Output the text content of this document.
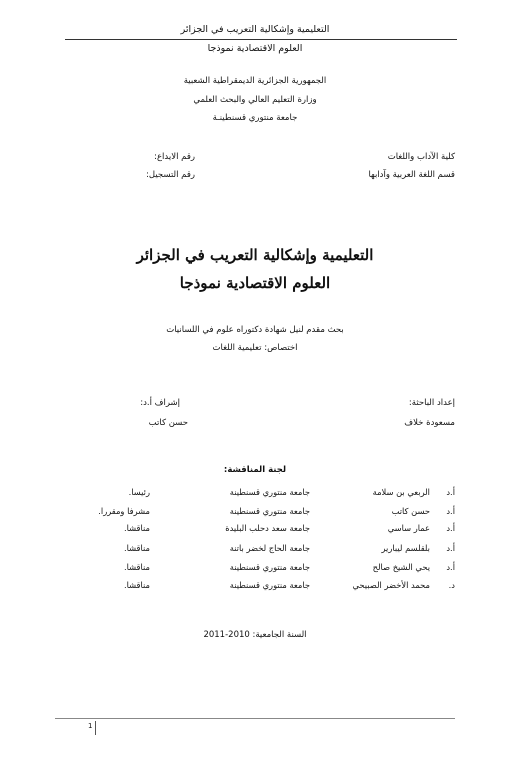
التعليمية وإشكالية التعريب في الجزائر
العلوم الاقتصادية نموذجا
الجمهورية الجزائرية الديمقراطية الشعبية
وزارة التعليم العالي والبحث العلمي
جامعة منتوري قسنطينـة
كلية الآداب واللغات
قسم اللغة العربية وآدابها
رقم الايداع:
رقم التسجيل:
التعليمية وإشكالية التعريب في الجزائر
العلوم الاقتصادية نموذجا
بحث مقدم لنيل شهادة دكتوراه علوم في اللسانيات
اختصاص: تعليمية اللغات
إعداد الباحثة:
مسعودة خلاف
إشراف أ.د:
حسن كاتب
لجنة المناقشة:
أ.د
الربعي بن سلامة
جامعة منتوري قسنطينة
رئيسا.
أ.د
حسن كاتب
جامعة منتوري قسنطينة
مشرفا ومقررا.
أ.د
عمار ساسي
جامعة سعد دحلب البليدة
مناقشا.
أ.د
بلقلسم ليبارير
جامعة الحاج لخضر باتنة
مناقشا.
أ.د
يحي الشيخ صالح
جامعة منتوري قسنطينة
مناقشا.
د.
محمد الأخضر الصبيحي
جامعة منتوري قسنطينة
مناقشا.
السنة الجامعية: 2010-2011
1
